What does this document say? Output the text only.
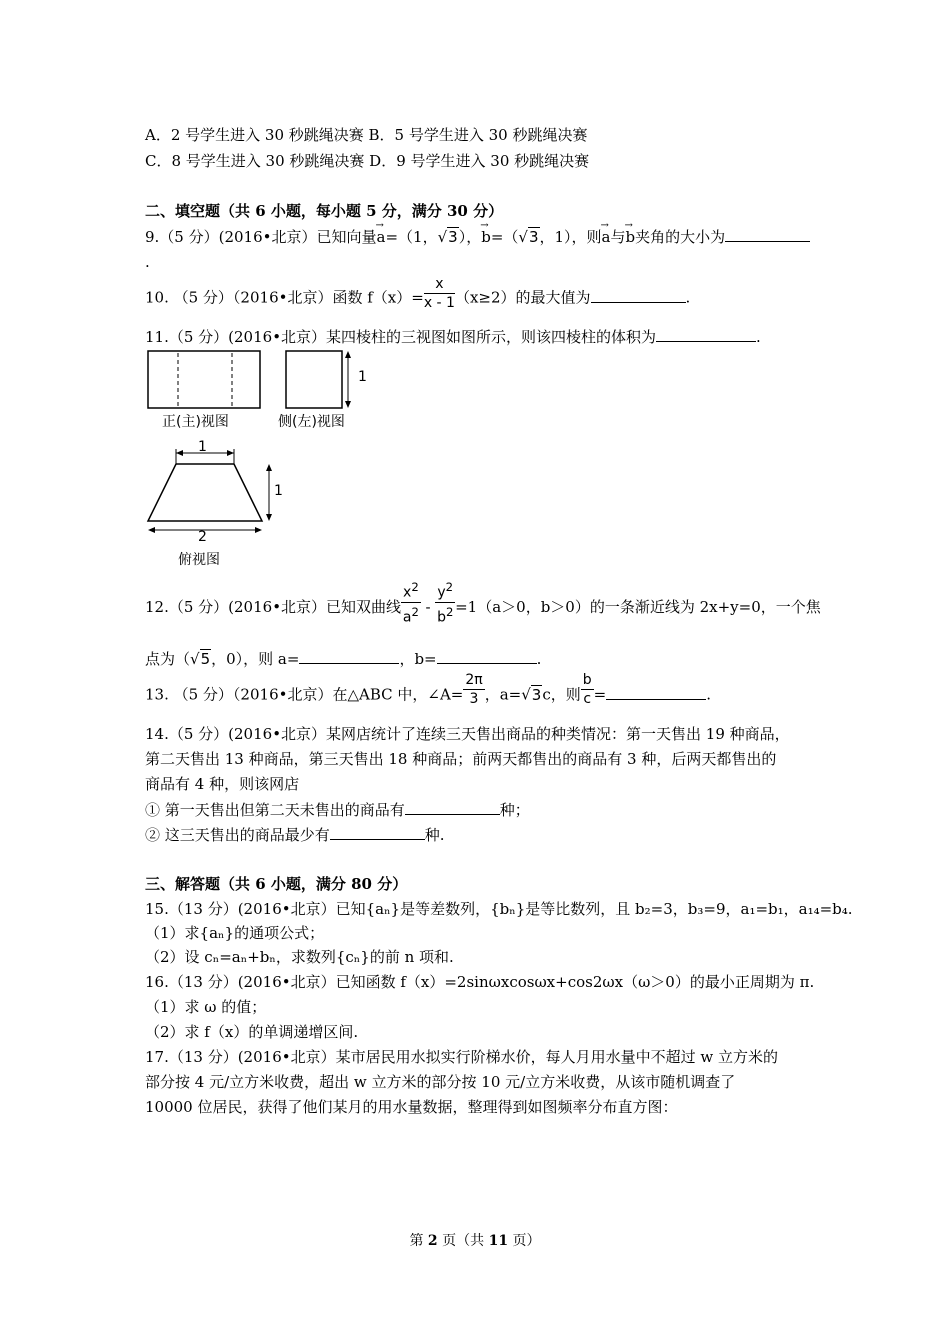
A．2 号学生进入 30 秒跳绳决赛 B．5 号学生进入 30 秒跳绳决赛
C．8 号学生进入 30 秒跳绳决赛 D．9 号学生进入 30 秒跳绳决赛
二、填空题（共 6 小题，每小题 5 分，满分 30 分）
9.（5 分）(2016•北京）已知向量→ a=（1，√3），→ b=（√3，1），则→ a与→ b夹角的大小为
.
10. （5 分）（2016•北京）函数 $f(x)= \frac{x}{x - 1} (x\ge 2)$的最大值为	.
11.（5 分）(2016•北京）某四棱柱的三视图如图所示，则该四棱柱的体积为	.
1
正(主)视图	侧(左)视图
1
1
2
俯视图
12.（5 分）(2016•北京）已知双曲线 $\frac{x^2}{a^2} - \frac{y^2}{b^2} =1(a>0$，b＞0）的一条渐近线为 2x+y=0，一个焦
点为（√5，0），则 a=	，b=	.
13. （5 分）（2016•北京）在△ABC 中，∠A= $\frac{2\pi}{3}$ ，a=√3c，则 $\frac{b}{c}$ =	.
14.（5 分）(2016•北京）某网店统计了连续三天售出商品的种类情况：第一天售出 19 种商品，
第二天售出 13 种商品，第三天售出 18 种商品；前两天都售出的商品有 3 种，后两天都售出的
商品有 4 种，则该网店
① 第一天售出但第二天未售出的商品有	种；
② 这三天售出的商品最少有	种.
三、解答题（共 6 小题，满分 80 分）
15.（13 分）(2016•北京）已知{aₙ}是等差数列，{bₙ}是等比数列，且 b₂=3，b₃=9，a₁=b₁，a₁₄=b₄.
（1）求{aₙ}的通项公式；
（2）设 cₙ=aₙ+bₙ，求数列{cₙ}的前 n 项和.
16.（13 分）(2016•北京）已知函数 f（x）=2sinωxcosωx+cos2ωx（ω＞0）的最小正周期为 π.
（1）求 ω 的值；
（2）求 f（x）的单调递增区间.
17.（13 分）(2016•北京）某市居民用水拟实行阶梯水价，每人月用水量中不超过 w 立方米的
部分按 4 元/立方米收费，超出 w 立方米的部分按 10 元/立方米收费，从该市随机调查了
10000 位居民，获得了他们某月的用水量数据，整理得到如图频率分布直方图：
第 2 页（共 11 页）
